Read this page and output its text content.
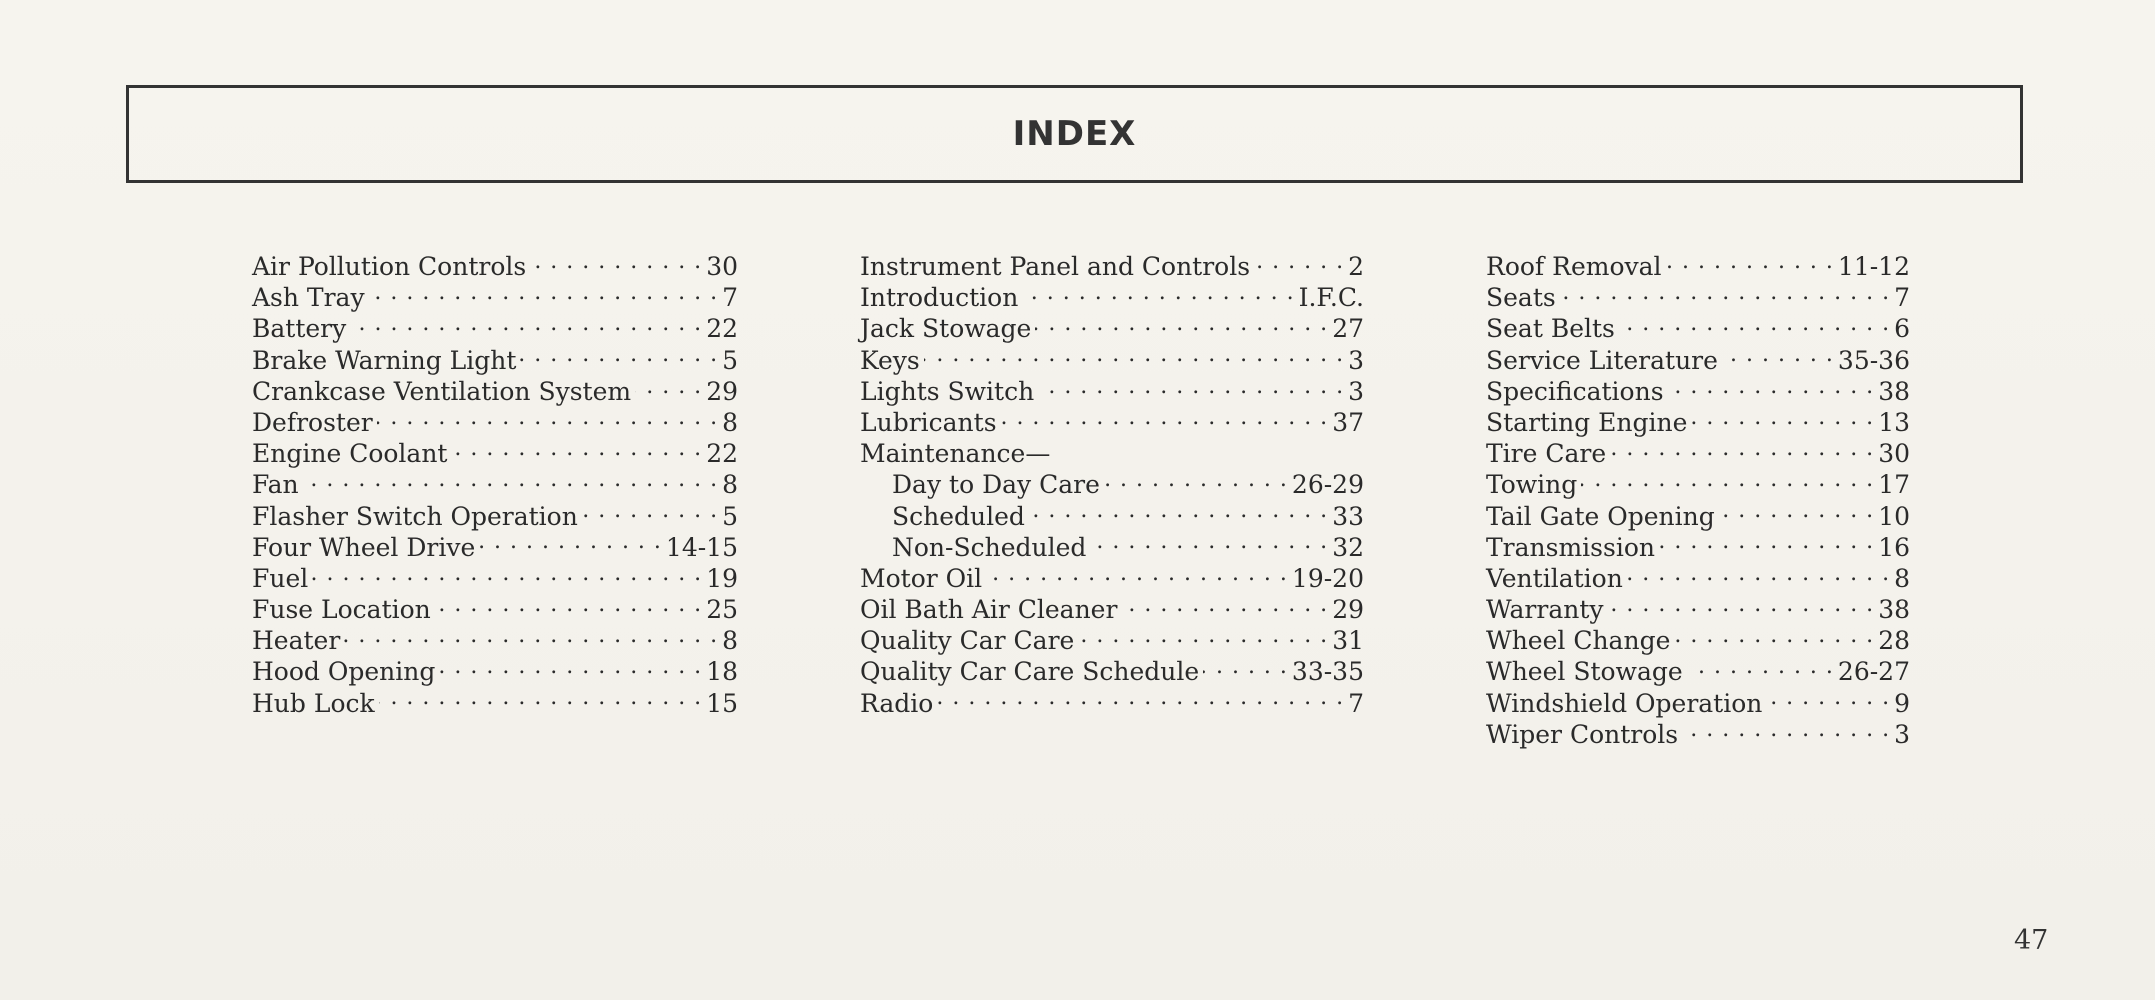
INDEX
Air Pollution Controls . . .	30
Ash Tray . . .	7
Battery . . .	22
Brake Warning Light . . .	5
Crankcase Ventilation System . . .	29
Defroster . . .	8
Engine Coolant . . .	22
Fan . . .	8
Flasher Switch Operation . . .	5
Four Wheel Drive . . .	14-15
Fuel . . .	19
Fuse Location . . .	25
Heater . . .	8
Hood Opening . . .	18
Hub Lock . . .	15
Instrument Panel and Controls . . .	2
Introduction . . .	I.F.C.
Jack Stowage . . .	27
Keys . . .	3
Lights Switch . . .	3
Lubricants . . .	37
Maintenance—
Day to Day Care . . .	26-29
Scheduled . . .	33
Non-Scheduled . . .	32
Motor Oil . . .	19-20
Oil Bath Air Cleaner . . .	29
Quality Car Care . . .	31
Quality Car Care Schedule . . .	33-35
Radio . . .	7
Roof Removal . . .	11-12
Seats . . .	7
Seat Belts . . .	6
Service Literature . . .	35-36
Specifications . . .	38
Starting Engine . . .	13
Tire Care . . .	30
Towing . . .	17
Tail Gate Opening . . .	10
Transmission . . .	16
Ventilation . . .	8
Warranty . . .	38
Wheel Change . . .	28
Wheel Stowage . . .	26-27
Windshield Operation . . .	9
Wiper Controls . . .	3
47
